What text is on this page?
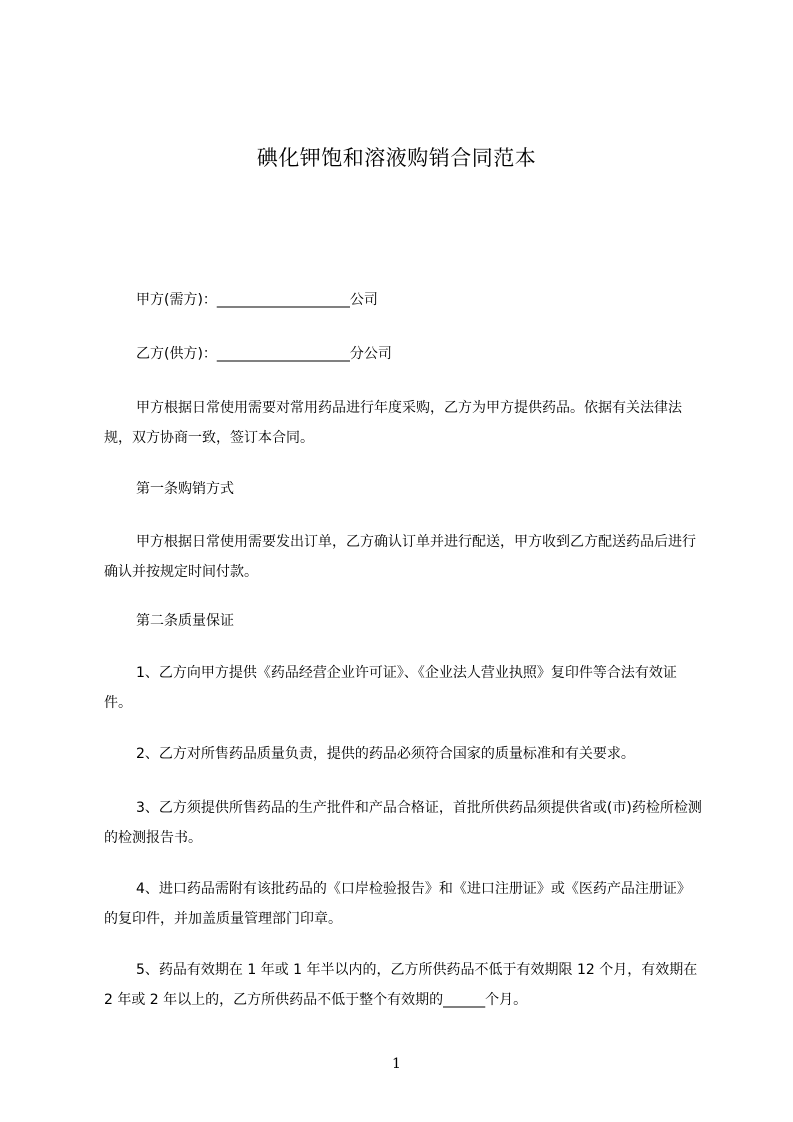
碘化钾饱和溶液购销合同范本

甲方(需方)：___________________公司

乙方(供方)：___________________分公司

甲方根据日常使用需要对常用药品进行年度采购，乙方为甲方提供药品。依据有关法律法规，双方协商一致，签订本合同。

第一条购销方式

甲方根据日常使用需要发出订单，乙方确认订单并进行配送，甲方收到乙方配送药品后进行确认并按规定时间付款。

第二条质量保证

1、乙方向甲方提供《药品经营企业许可证》、《企业法人营业执照》复印件等合法有效证件。

2、乙方对所售药品质量负责，提供的药品必须符合国家的质量标准和有关要求。

3、乙方须提供所售药品的生产批件和产品合格证，首批所供药品须提供省或(市)药检所检测的检测报告书。

4、进口药品需附有该批药品的《口岸检验报告》和《进口注册证》或《医药产品注册证》的复印件，并加盖质量管理部门印章。

5、药品有效期在 1 年或 1 年半以内的，乙方所供药品不低于有效期限 12 个月，有效期在 2 年或 2 年以上的，乙方所供药品不低于整个有效期的______个月。

1
